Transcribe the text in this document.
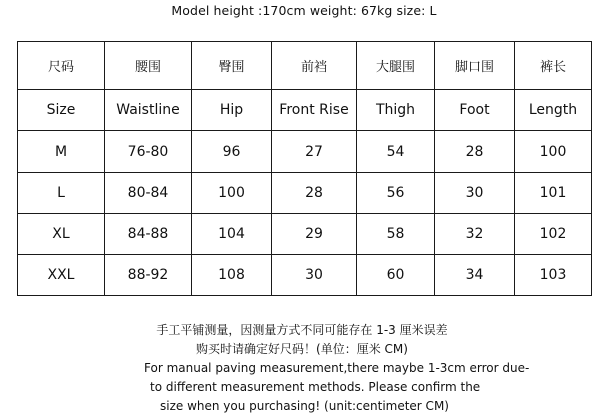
Model height :170cm weight: 67kg size: L
尺码	腰围	臀围	前裆	大腿围	脚口围	裤长
Size	Waistline	Hip	Front Rise	Thigh	Foot	Length
M	76-80	96	27	54	28	100
L	80-84	100	28	56	30	101
XL	84-88	104	29	58	32	102
XXL	88-92	108	30	60	34	103
手工平铺测量，因测量方式不同可能存在 1-3 厘米误差
购买时请确定好尺码！(单位：厘米 CM)
For manual paving measurement,there maybe 1-3cm error due-
to different measurement methods. Please confirm the
size when you purchasing! (unit:centimeter CM)
